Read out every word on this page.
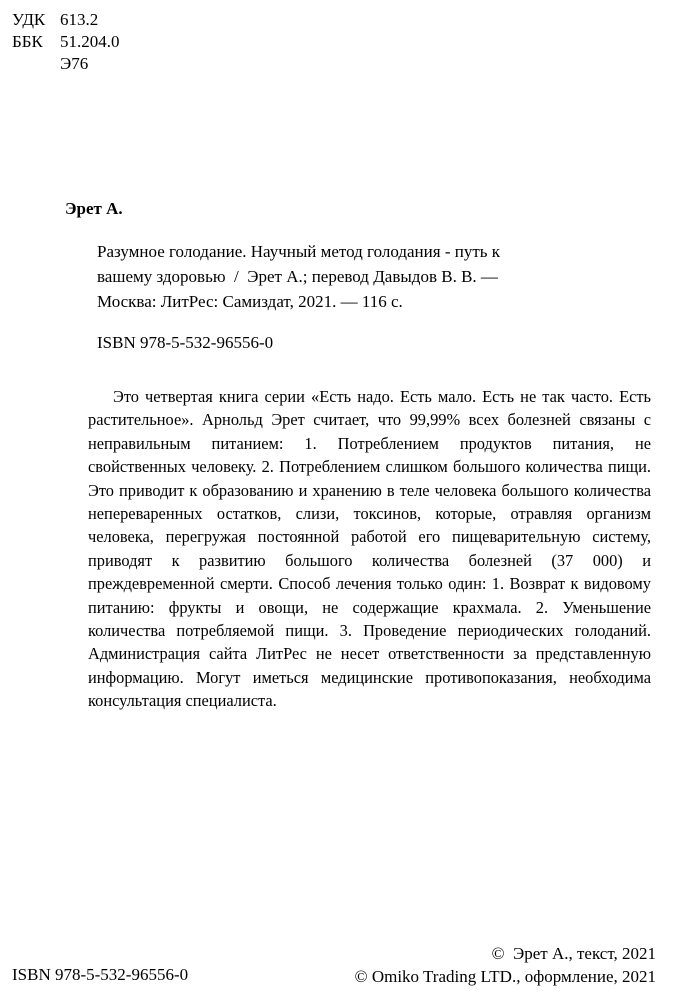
УДК 613.2
ББК	51.204.0
Э76
Эрет А.
Разумное голодание. Научный метод голодания - путь к
вашему здоровью  /  Эрет А.; перевод Давыдов В. В. —
Москва: ЛитРес: Самиздат, 2021. — 116 с.
ISBN 978-5-532-96556-0
Это четвертая книга серии «Есть надо. Есть мало. Есть не так часто. Есть растительное». Арнольд Эрет считает, что 99,99% всех болезней связаны с неправильным питанием: 1. Потреблением продуктов питания, не свойственных человеку. 2. Потреблением слишком большого количества пищи. Это приводит к образованию и хранению в теле человека большого количества непереваренных остатков, слизи, токсинов, которые, отравляя организм человека, перегружая постоянной работой его пищеварительную систему, приводят к развитию большого количества болезней (37 000) и преждевременной смерти. Способ лечения только один: 1. Возврат к видовому питанию: фрукты и овощи, не содержащие крахмала. 2. Уменьшение количества потребляемой пищи. 3. Проведение периодических голоданий. Администрация сайта ЛитРес не несет ответственности за представленную информацию. Могут иметься медицинские противопоказания, необходима консультация специалиста.
©  Эрет А., текст, 2021
© Omiko Trading LTD., оформление, 2021
ISBN 978-5-532-96556-0
